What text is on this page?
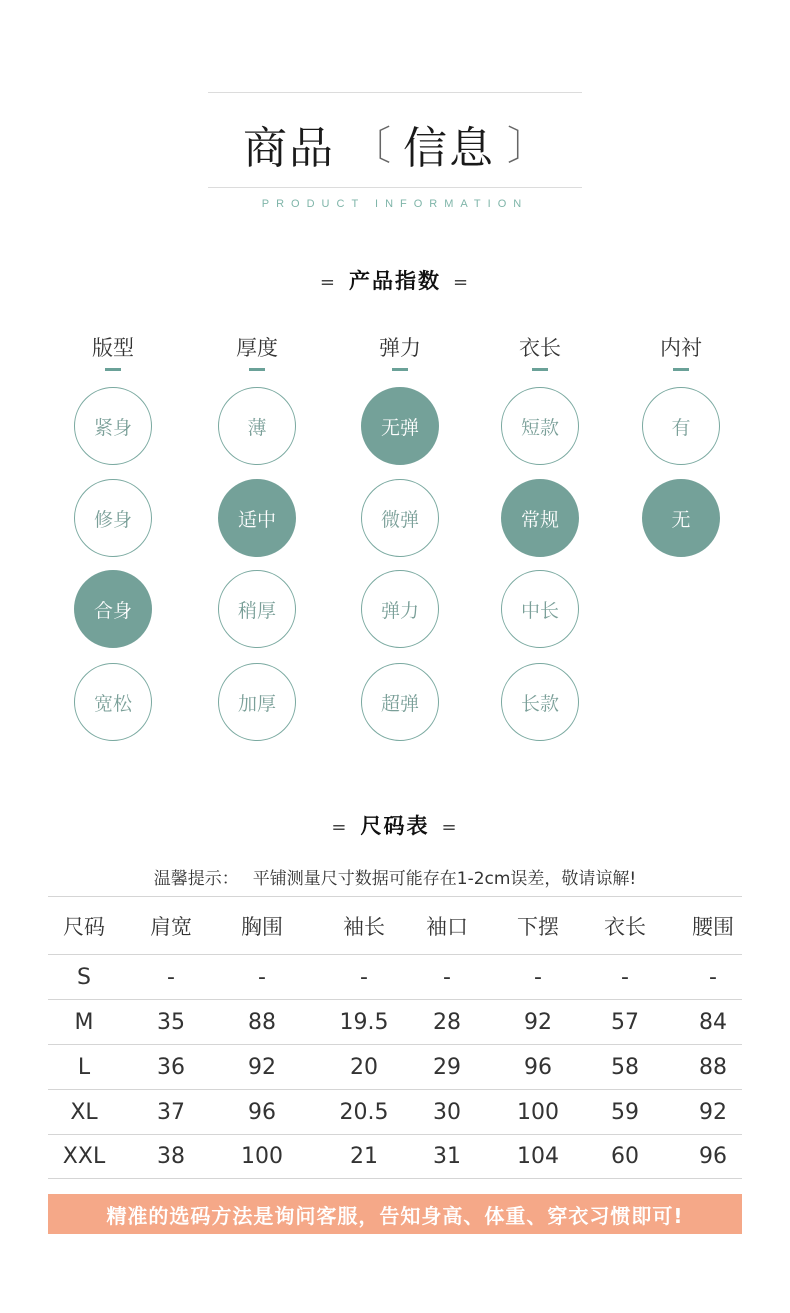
商品 〔 信息 〕
PRODUCT INFORMATION
= 产品指数 =
版型
紧身
修身
合身
宽松
厚度
薄
适中
稍厚
加厚
弹力
无弹
微弹
弹力
超弹
衣长
短款
常规
中长
长款
内衬
有
无
= 尺码表 =
温馨提示： 平铺测量尺寸数据可能存在1-2cm误差，敬请谅解!
尺码	肩宽	胸围	袖长	袖口	下摆	衣长	腰围
S	-	-	-	-	-	-	-
M	35	88	19.5	28	92	57	84
L	36	92	20	29	96	58	88
XL	37	96	20.5	30	100	59	92
XXL	38	100	21	31	104	60	96
精准的选码方法是询问客服，告知身高、体重、穿衣习惯即可!
